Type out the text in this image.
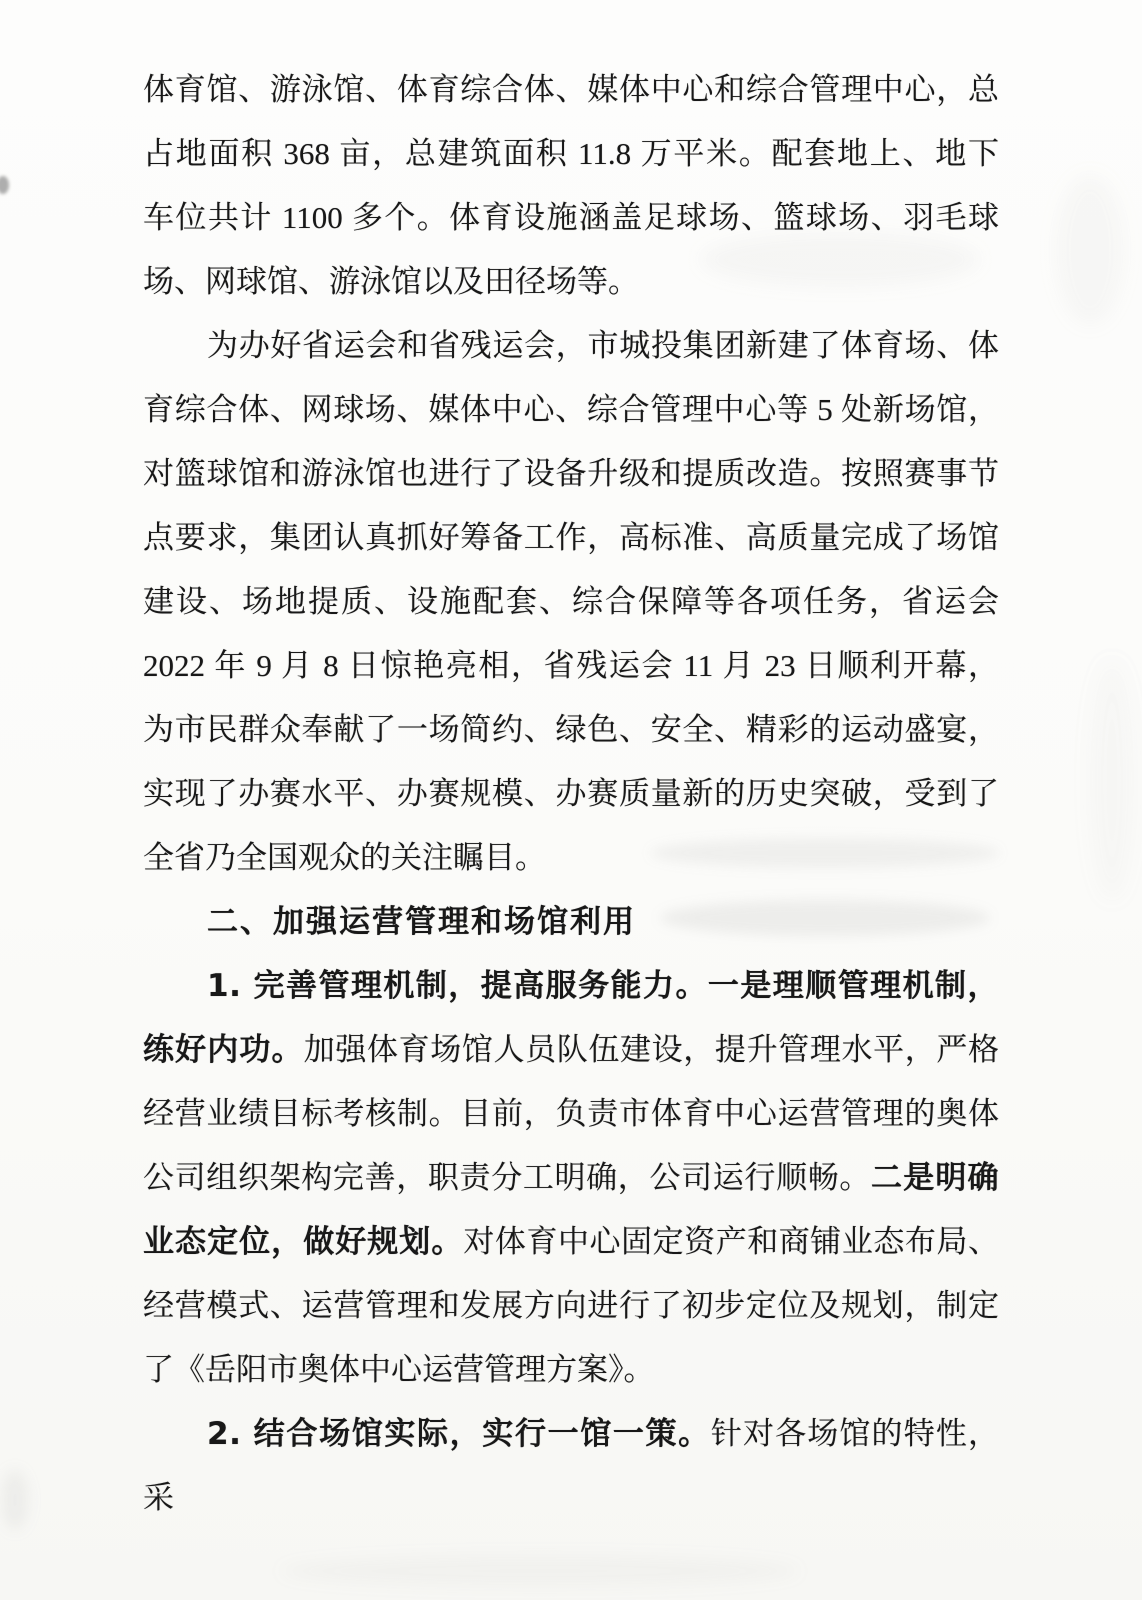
体育馆、游泳馆、体育综合体、媒体中心和综合管理中心，总
占地面积 368 亩，总建筑面积 11.8 万平米。配套地上、地下
车位共计 1100 多个。体育设施涵盖足球场、篮球场、羽毛球
场、网球馆、游泳馆以及田径场等。
为办好省运会和省残运会，市城投集团新建了体育场、体
育综合体、网球场、媒体中心、综合管理中心等 5 处新场馆，
对篮球馆和游泳馆也进行了设备升级和提质改造。按照赛事节
点要求，集团认真抓好筹备工作，高标准、高质量完成了场馆
建设、场地提质、设施配套、综合保障等各项任务，省运会
2022 年 9 月 8 日惊艳亮相，省残运会 11 月 23 日顺利开幕，
为市民群众奉献了一场简约、绿色、安全、精彩的运动盛宴，
实现了办赛水平、办赛规模、办赛质量新的历史突破，受到了
全省乃全国观众的关注瞩目。
二、加强运营管理和场馆利用
1. 完善管理机制，提高服务能力。一是理顺管理机制，
练好内功。加强体育场馆人员队伍建设，提升管理水平，严格
经营业绩目标考核制。目前，负责市体育中心运营管理的奥体
公司组织架构完善，职责分工明确，公司运行顺畅。二是明确
业态定位，做好规划。对体育中心固定资产和商铺业态布局、
经营模式、运营管理和发展方向进行了初步定位及规划，制定
了《岳阳市奥体中心运营管理方案》。
2. 结合场馆实际，实行一馆一策。针对各场馆的特性，采
